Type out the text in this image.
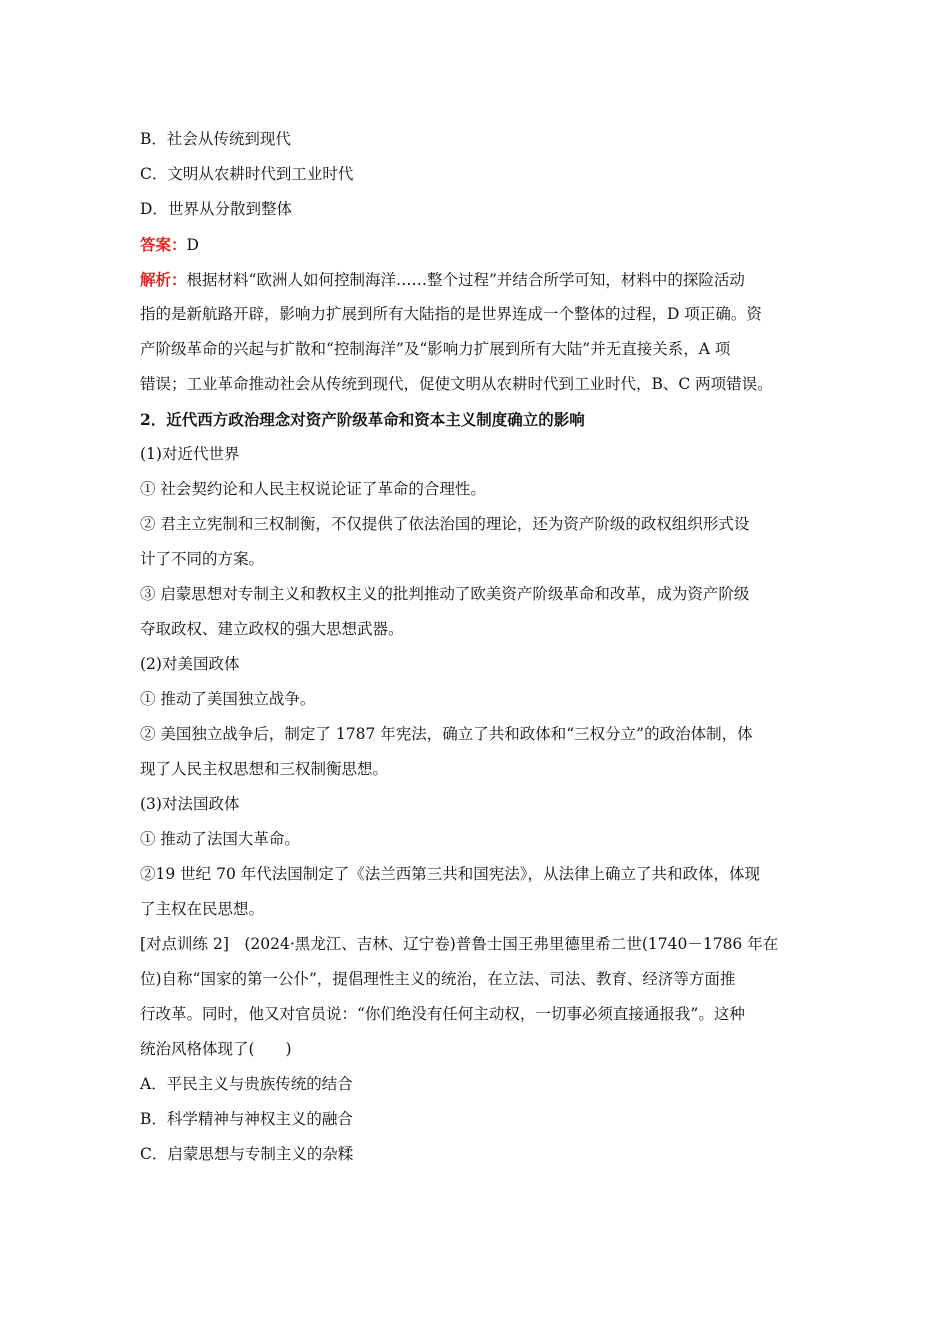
B．社会从传统到现代
C．文明从农耕时代到工业时代
D．世界从分散到整体
答案：D
解析：根据材料“欧洲人如何控制海洋……整个过程”并结合所学可知，材料中的探险活动
指的是新航路开辟，影响力扩展到所有大陆指的是世界连成一个整体的过程，D 项正确。资
产阶级革命的兴起与扩散和“控制海洋”及“影响力扩展到所有大陆”并无直接关系，A 项
错误；工业革命推动社会从传统到现代，促使文明从农耕时代到工业时代，B、C 两项错误。
2．近代西方政治理念对资产阶级革命和资本主义制度确立的影响
(1)对近代世界
① 社会契约论和人民主权说论证了革命的合理性。
② 君主立宪制和三权制衡，不仅提供了依法治国的理论，还为资产阶级的政权组织形式设
计了不同的方案。
③ 启蒙思想对专制主义和教权主义的批判推动了欧美资产阶级革命和改革，成为资产阶级
夺取政权、建立政权的强大思想武器。
(2)对美国政体
① 推动了美国独立战争。
② 美国独立战争后，制定了 1787 年宪法，确立了共和政体和“三权分立”的政治体制，体
现了人民主权思想和三权制衡思想。
(3)对法国政体
① 推动了法国大革命。
②19 世纪 70 年代法国制定了《法兰西第三共和国宪法》，从法律上确立了共和政体，体现
了主权在民思想。
[对点训练 2]　(2024·黑龙江、吉林、辽宁卷)普鲁士国王弗里德里希二世(1740－1786 年在
位)自称“国家的第一公仆”，提倡理性主义的统治，在立法、司法、教育、经济等方面推
行改革。同时，他又对官员说：“你们绝没有任何主动权，一切事必须直接通报我”。这种
统治风格体现了(　　)
A．平民主义与贵族传统的结合
B．科学精神与神权主义的融合
C．启蒙思想与专制主义的杂糅
